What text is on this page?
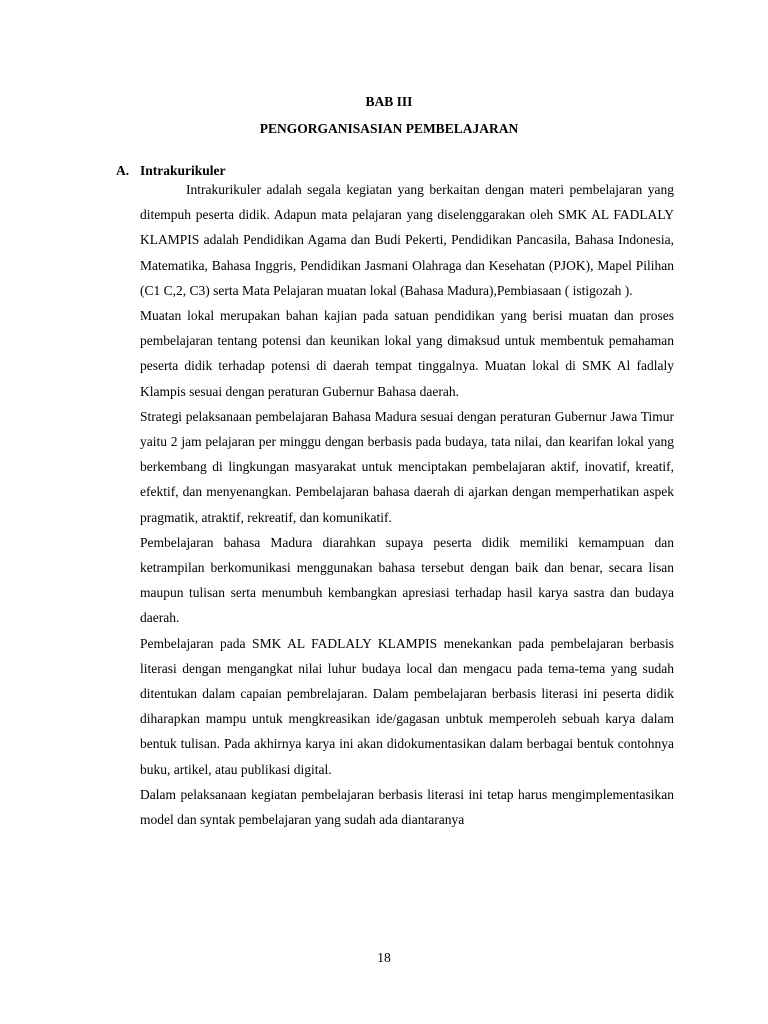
BAB III
PENGORGANISASIAN PEMBELAJARAN
A. Intrakurikuler

Intrakurikuler adalah segala kegiatan yang berkaitan dengan materi pembelajaran yang ditempuh peserta didik. Adapun mata pelajaran yang diselenggarakan oleh SMK AL FADLALY KLAMPIS adalah Pendidikan Agama dan Budi Pekerti, Pendidikan Pancasila, Bahasa Indonesia, Matematika, Bahasa Inggris, Pendidikan Jasmani Olahraga dan Kesehatan (PJOK), Mapel Pilihan (C1 C,2, C3) serta Mata Pelajaran muatan lokal (Bahasa Madura),Pembiasaan ( istigozah ).

Muatan lokal merupakan bahan kajian pada satuan pendidikan yang berisi muatan dan proses pembelajaran tentang potensi dan keunikan lokal yang dimaksud untuk membentuk pemahaman peserta didik terhadap potensi di daerah tempat tinggalnya. Muatan lokal di SMK Al fadlaly Klampis sesuai dengan peraturan Gubernur Bahasa daerah.

Strategi pelaksanaan pembelajaran Bahasa Madura sesuai dengan peraturan Gubernur Jawa Timur yaitu 2 jam pelajaran per minggu dengan berbasis pada budaya, tata nilai, dan kearifan lokal yang berkembang di lingkungan masyarakat untuk menciptakan pembelajaran aktif, inovatif, kreatif, efektif, dan menyenangkan. Pembelajaran bahasa daerah di ajarkan dengan memperhatikan aspek pragmatik, atraktif, rekreatif, dan komunikatif.

Pembelajaran bahasa Madura diarahkan supaya peserta didik memiliki kemampuan dan ketrampilan berkomunikasi menggunakan bahasa tersebut dengan baik dan benar, secara lisan maupun tulisan serta menumbuh kembangkan apresiasi terhadap hasil karya sastra dan budaya daerah.

Pembelajaran pada SMK AL FADLALY KLAMPIS menekankan pada pembelajaran berbasis literasi dengan mengangkat nilai luhur budaya local dan mengacu pada tema-tema yang sudah ditentukan dalam capaian pembrelajaran. Dalam pembelajaran berbasis literasi ini peserta didik diharapkan mampu untuk mengkreasikan ide/gagasan unbtuk memperoleh sebuah karya dalam bentuk tulisan. Pada akhirnya karya ini akan didokumentasikan dalam berbagai bentuk contohnya buku, artikel, atau publikasi digital.

Dalam pelaksanaan kegiatan pembelajaran berbasis literasi ini tetap harus mengimplementasikan model dan syntak pembelajaran yang sudah ada diantaranya

18
